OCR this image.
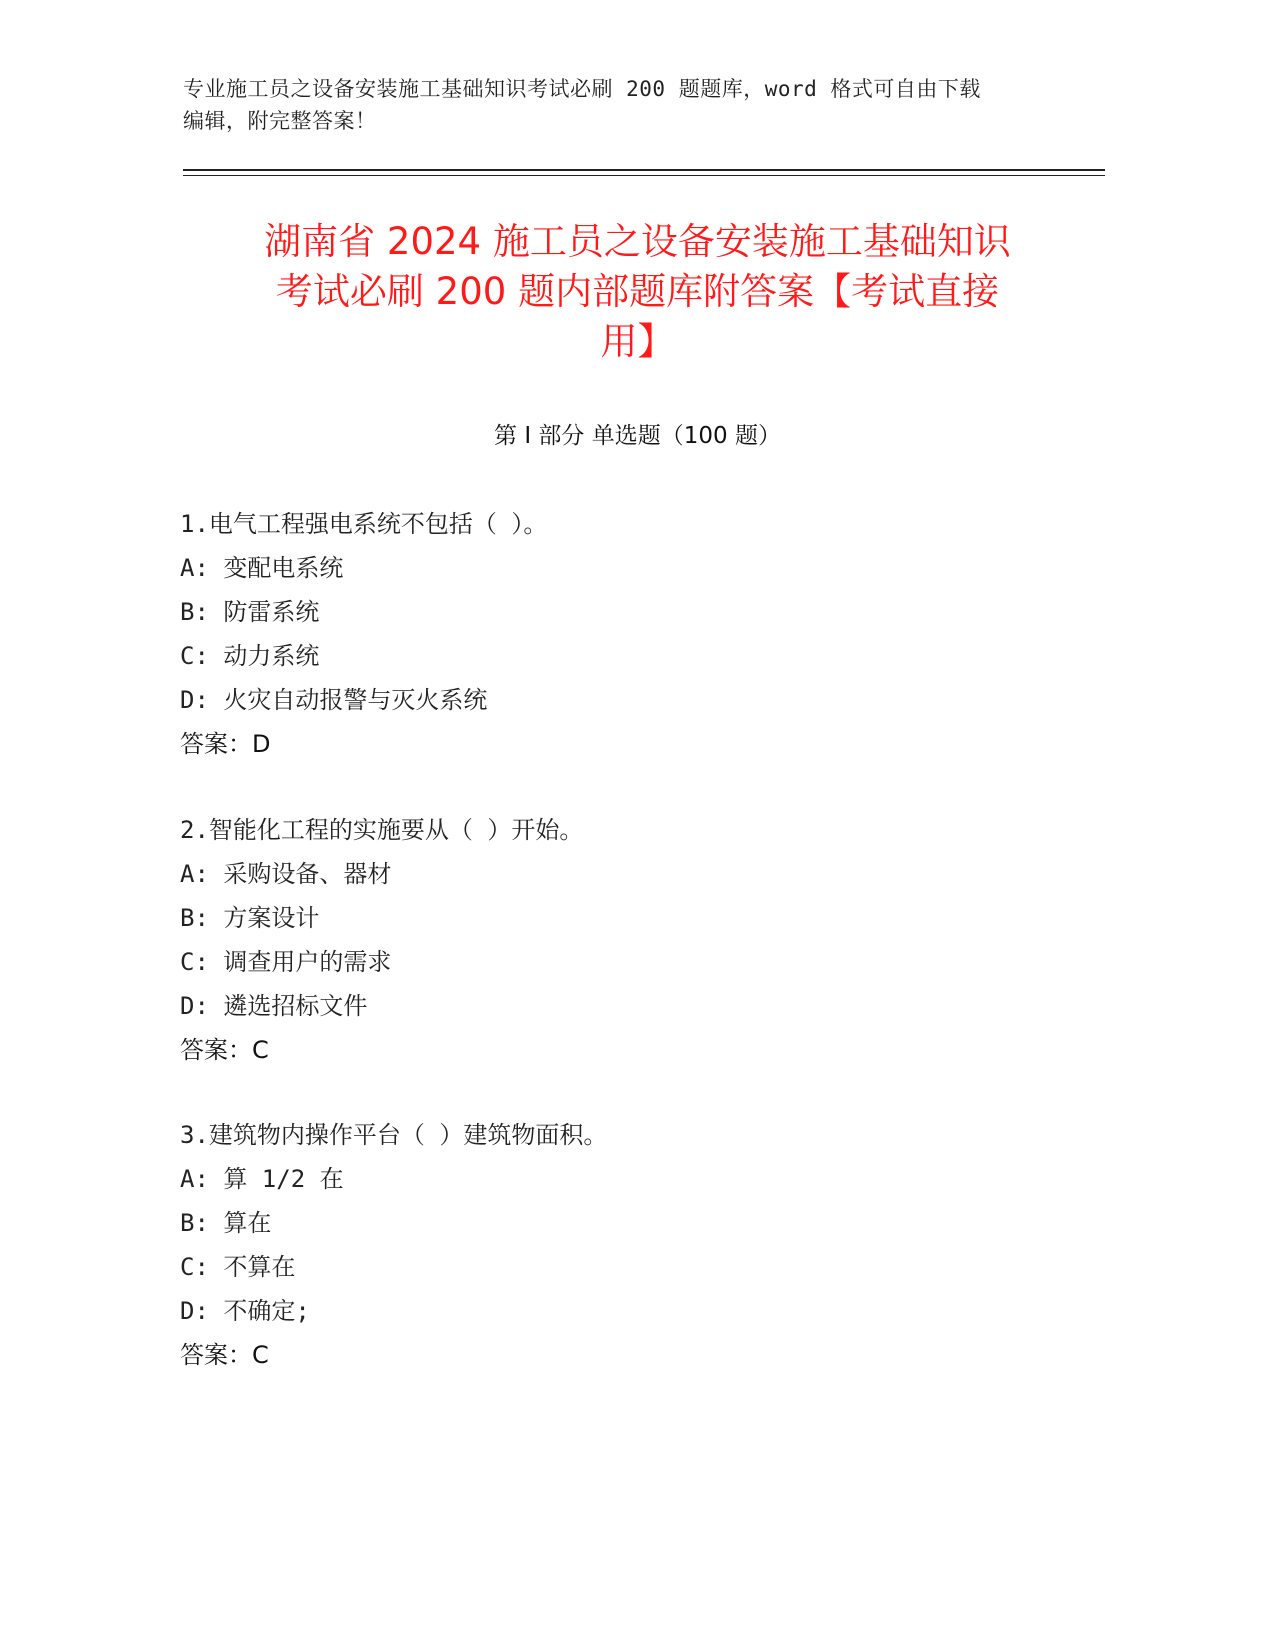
专业施工员之设备安装施工基础知识考试必刷 200 题题库，word 格式可自由下载
编辑，附完整答案！
湖南省 2024 施工员之设备安装施工基础知识
考试必刷 200 题内部题库附答案【考试直接
用】
第 I 部分 单选题（100 题）
1.电气工程强电系统不包括（ ）。
A: 变配电系统
B: 防雷系统
C: 动力系统
D: 火灾自动报警与灭火系统
答案：D
2.智能化工程的实施要从（ ）开始。
A: 采购设备、器材
B: 方案设计
C: 调查用户的需求
D: 遴选招标文件
答案：C
3.建筑物内操作平台（ ）建筑物面积。
A: 算 1/2 在
B: 算在
C: 不算在
D: 不确定;
答案：C
